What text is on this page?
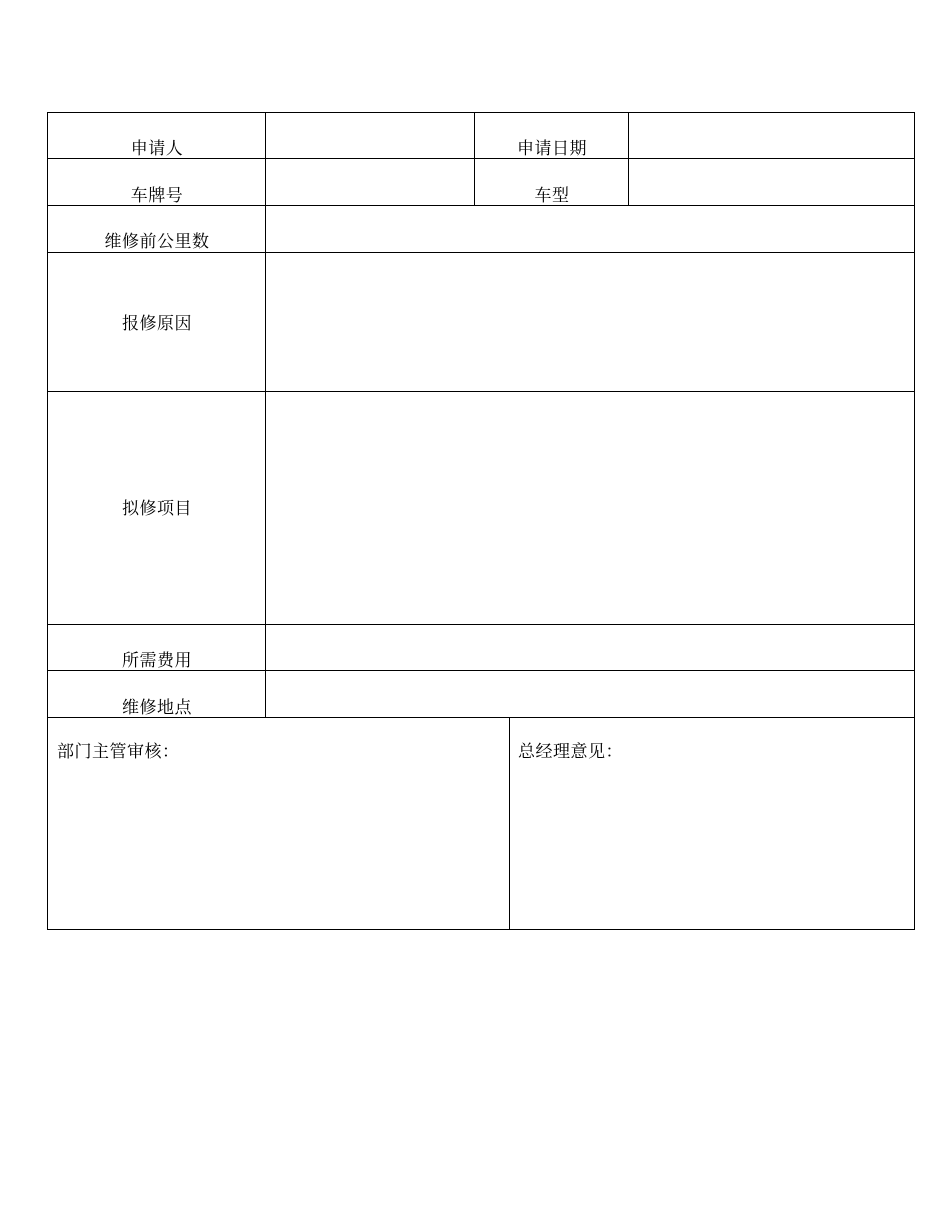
申请人	申请日期
车牌号	车型
维修前公里数
报修原因
拟修项目
所需费用
维修地点
部门主管审核：	总经理意见：
